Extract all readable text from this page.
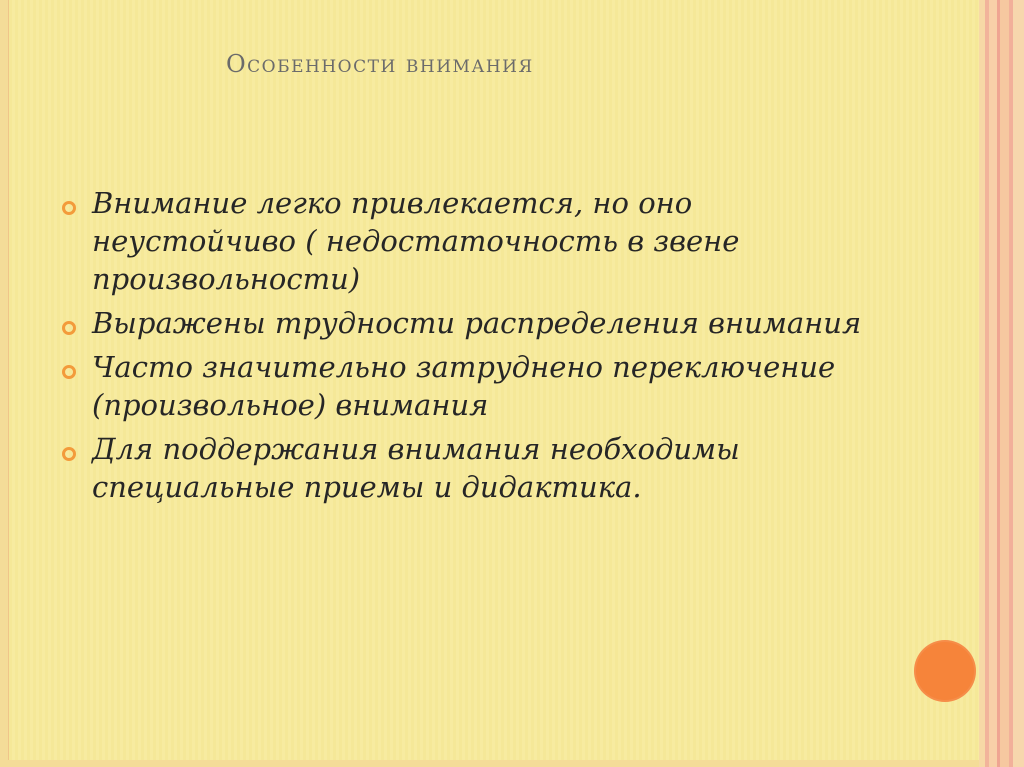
Особенности внимания
Внимание легко привлекается, но оно неустойчиво ( недостаточность в звене произвольности)
Выражены трудности распределения внимания
Часто значительно затруднено переключение (произвольное) внимания
Для поддержания внимания необходимы специальные приемы и дидактика.
